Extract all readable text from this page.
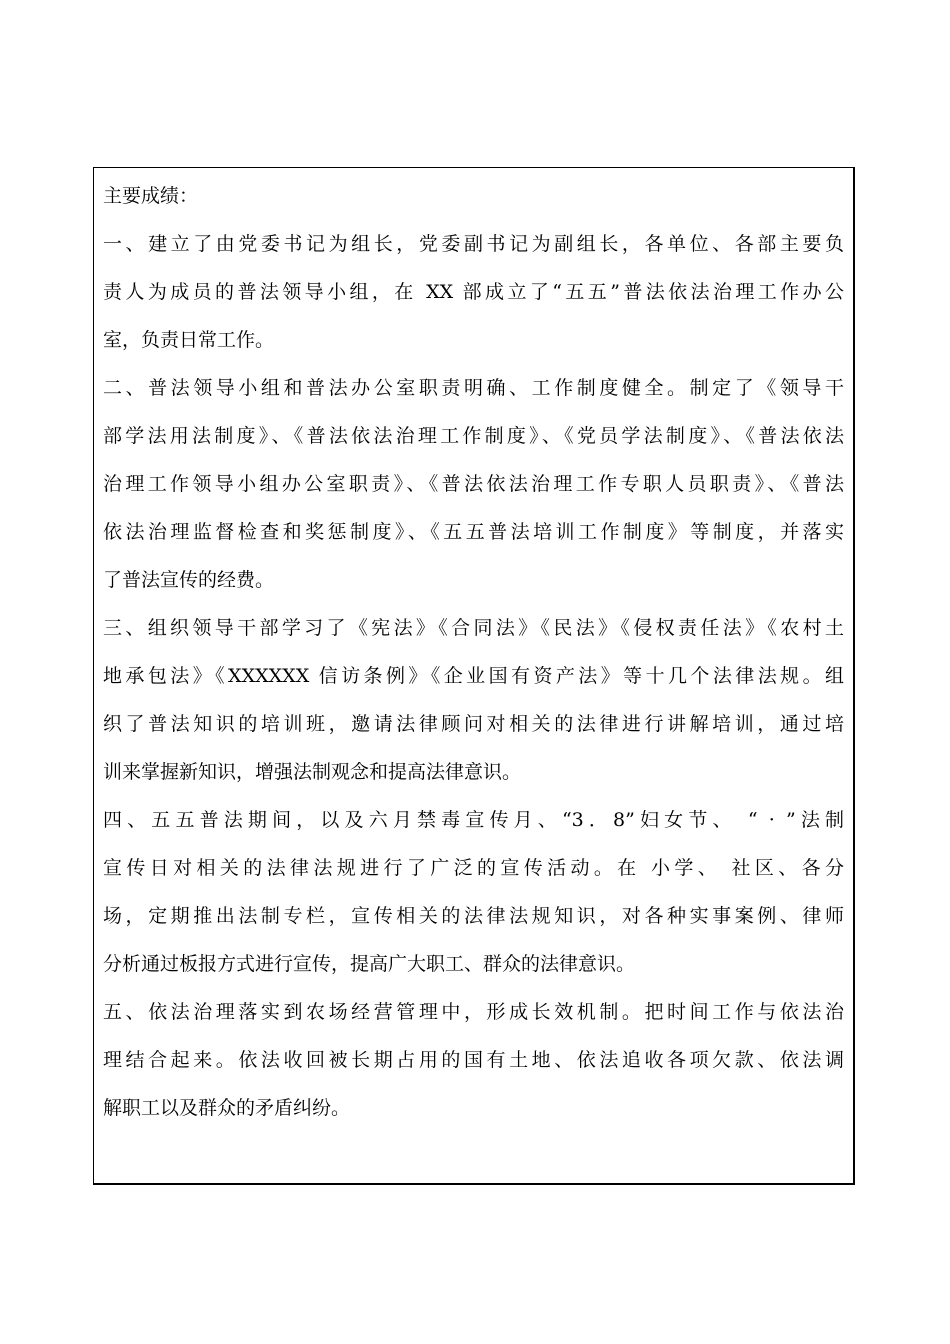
主要成绩：
一、建立了由党委书记为组长，党委副书记为副组长，各单位、各部主要负
责人为成员的普法领导小组，在 XX 部成立了“五五”普法依法治理工作办公
室，负责日常工作。
二、普法领导小组和普法办公室职责明确、工作制度健全。制定了《领导干
部学法用法制度》、《普法依法治理工作制度》、《党员学法制度》、《普法依法
治理工作领导小组办公室职责》、《普法依法治理工作专职人员职责》、《普法
依法治理监督检查和奖惩制度》、《五五普法培训工作制度》等制度，并落实
了普法宣传的经费。
三、组织领导干部学习了《宪法》《合同法》《民法》《侵权责任法》《农村土
地承包法》《XXXXXX 信访条例》《企业国有资产法》等十几个法律法规。组
织了普法知识的培训班，邀请法律顾问对相关的法律进行讲解培训，通过培
训来掌握新知识，增强法制观念和提高法律意识。
四、五五普法期间，以及六月禁毒宣传月、“3．8”妇女节、 “ · ”法制
宣传日对相关的法律法规进行了广泛的宣传活动。在 小学、 社区、各分
场，定期推出法制专栏，宣传相关的法律法规知识，对各种实事案例、律师
分析通过板报方式进行宣传，提高广大职工、群众的法律意识。
五、依法治理落实到农场经营管理中，形成长效机制。把时间工作与依法治
理结合起来。依法收回被长期占用的国有土地、依法追收各项欠款、依法调
解职工以及群众的矛盾纠纷。
